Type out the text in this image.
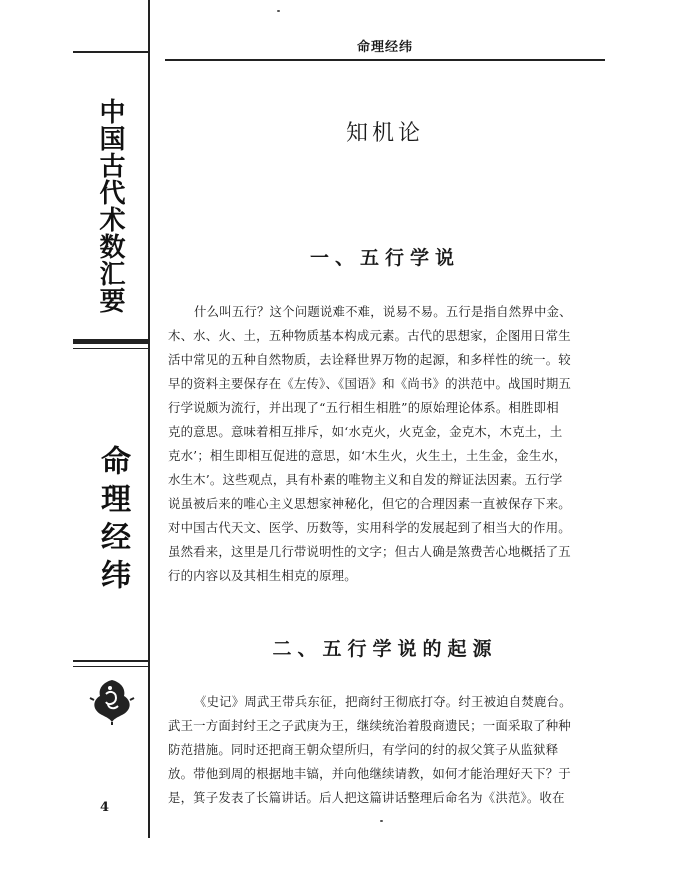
中国古代术数汇要
命理经纬
4
命理经纬
知机论
一、五行学说
什么叫五行？这个问题说难不难，说易不易。五行是指自然界中金、
木、水、火、土，五种物质基本构成元素。古代的思想家，企图用日常生
活中常见的五种自然物质，去诠释世界万物的起源，和多样性的统一。较
早的资料主要保存在《左传》、《国语》和《尚书》的洪范中。战国时期五
行学说颇为流行，并出现了“五行相生相胜”的原始理论体系。相胜即相
克的意思。意味着相互排斥，如‘水克火，火克金，金克木，木克土，土
克水’；相生即相互促进的意思，如‘木生火，火生土，土生金，金生水，
水生木’。这些观点，具有朴素的唯物主义和自发的辩证法因素。五行学
说虽被后来的唯心主义思想家神秘化，但它的合理因素一直被保存下来。
对中国古代天文、医学、历数等，实用科学的发展起到了相当大的作用。
虽然看来，这里是几行带说明性的文字；但古人确是煞费苦心地概括了五
行的内容以及其相生相克的原理。
二、五行学说的起源
《史记》周武王带兵东征，把商纣王彻底打夺。纣王被迫自焚鹿台。
武王一方面封纣王之子武庚为王，继续统治着殷商遗民；一面采取了种种
防范措施。同时还把商王朝众望所归，有学问的纣的叔父箕子从监狱释
放。带他到周的根据地丰镐，并向他继续请教，如何才能治理好天下？于
是，箕子发表了长篇讲话。后人把这篇讲话整理后命名为《洪范》。收在
